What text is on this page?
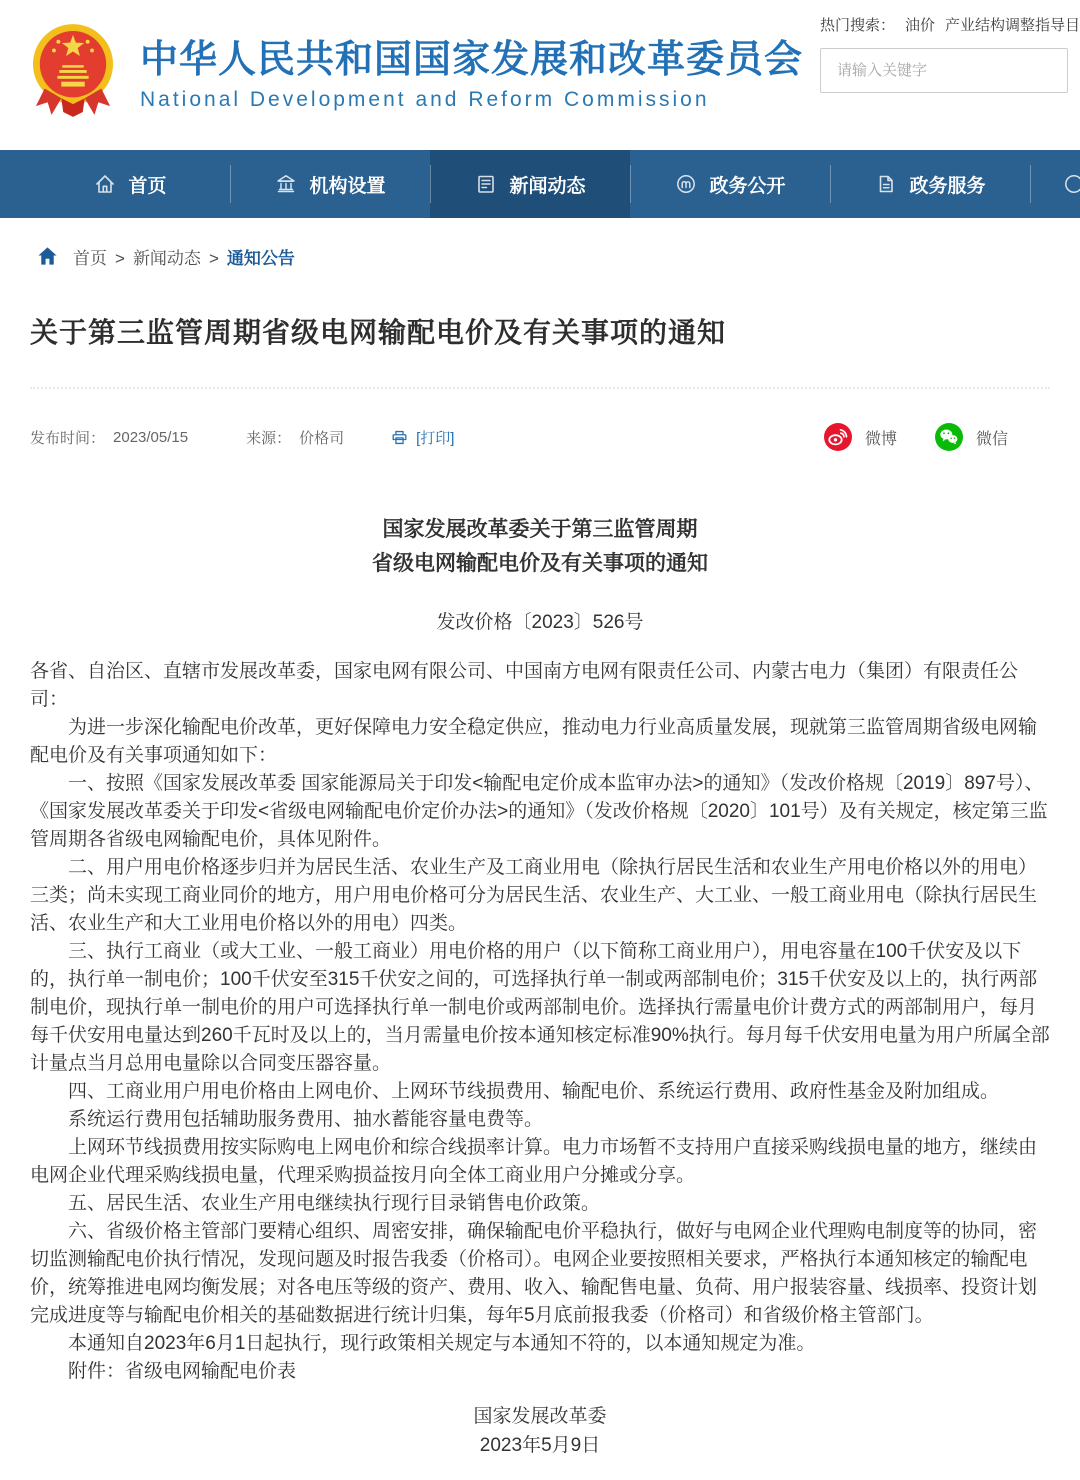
中华人民共和国国家发展和改革委员会
National Development and Reform Commission
热门搜索： 油价 产业结构调整指导目
请输入关键字
首页	机构设置	新闻动态	政务公开	政务服务
首页 > 新闻动态 > 通知公告
关于第三监管周期省级电网输配电价及有关事项的通知
发布时间： 2023/05/15	来源： 价格司	[打印]	微博	微信
国家发展改革委关于第三监管周期
省级电网输配电价及有关事项的通知
发改价格〔2023〕526号

各省、自治区、直辖市发展改革委，国家电网有限公司、中国南方电网有限责任公司、内蒙古电力（集团）有限责任公司：

为进一步深化输配电价改革，更好保障电力安全稳定供应，推动电力行业高质量发展，现就第三监管周期省级电网输配电价及有关事项通知如下：

一、按照《国家发展改革委 国家能源局关于印发<输配电定价成本监审办法>的通知》（发改价格规〔2019〕897号）、《国家发展改革委关于印发<省级电网输配电价定价办法>的通知》（发改价格规〔2020〕101号）及有关规定，核定第三监管周期各省级电网输配电价，具体见附件。

二、用户用电价格逐步归并为居民生活、农业生产及工商业用电（除执行居民生活和农业生产用电价格以外的用电）三类；尚未实现工商业同价的地方，用户用电价格可分为居民生活、农业生产、大工业、一般工商业用电（除执行居民生活、农业生产和大工业用电价格以外的用电）四类。

三、执行工商业（或大工业、一般工商业）用电价格的用户（以下简称工商业用户），用电容量在100千伏安及以下的，执行单一制电价；100千伏安至315千伏安之间的，可选择执行单一制或两部制电价；315千伏安及以上的，执行两部制电价，现执行单一制电价的用户可选择执行单一制电价或两部制电价。选择执行需量电价计费方式的两部制用户，每月每千伏安用电量达到260千瓦时及以上的，当月需量电价按本通知核定标准90%执行。每月每千伏安用电量为用户所属全部计量点当月总用电量除以合同变压器容量。

四、工商业用户用电价格由上网电价、上网环节线损费用、输配电价、系统运行费用、政府性基金及附加组成。

系统运行费用包括辅助服务费用、抽水蓄能容量电费等。

上网环节线损费用按实际购电上网电价和综合线损率计算。电力市场暂不支持用户直接采购线损电量的地方，继续由电网企业代理采购线损电量，代理采购损益按月向全体工商业用户分摊或分享。

五、居民生活、农业生产用电继续执行现行目录销售电价政策。

六、省级价格主管部门要精心组织、周密安排，确保输配电价平稳执行，做好与电网企业代理购电制度等的协同，密切监测输配电价执行情况，发现问题及时报告我委（价格司）。电网企业要按照相关要求，严格执行本通知核定的输配电价，统筹推进电网均衡发展；对各电压等级的资产、费用、收入、输配售电量、负荷、用户报装容量、线损率、投资计划完成进度等与输配电价相关的基础数据进行统计归集，每年5月底前报我委（价格司）和省级价格主管部门。

本通知自2023年6月1日起执行，现行政策相关规定与本通知不符的，以本通知规定为准。

附件：省级电网输配电价表

国家发展改革委
2023年5月9日
